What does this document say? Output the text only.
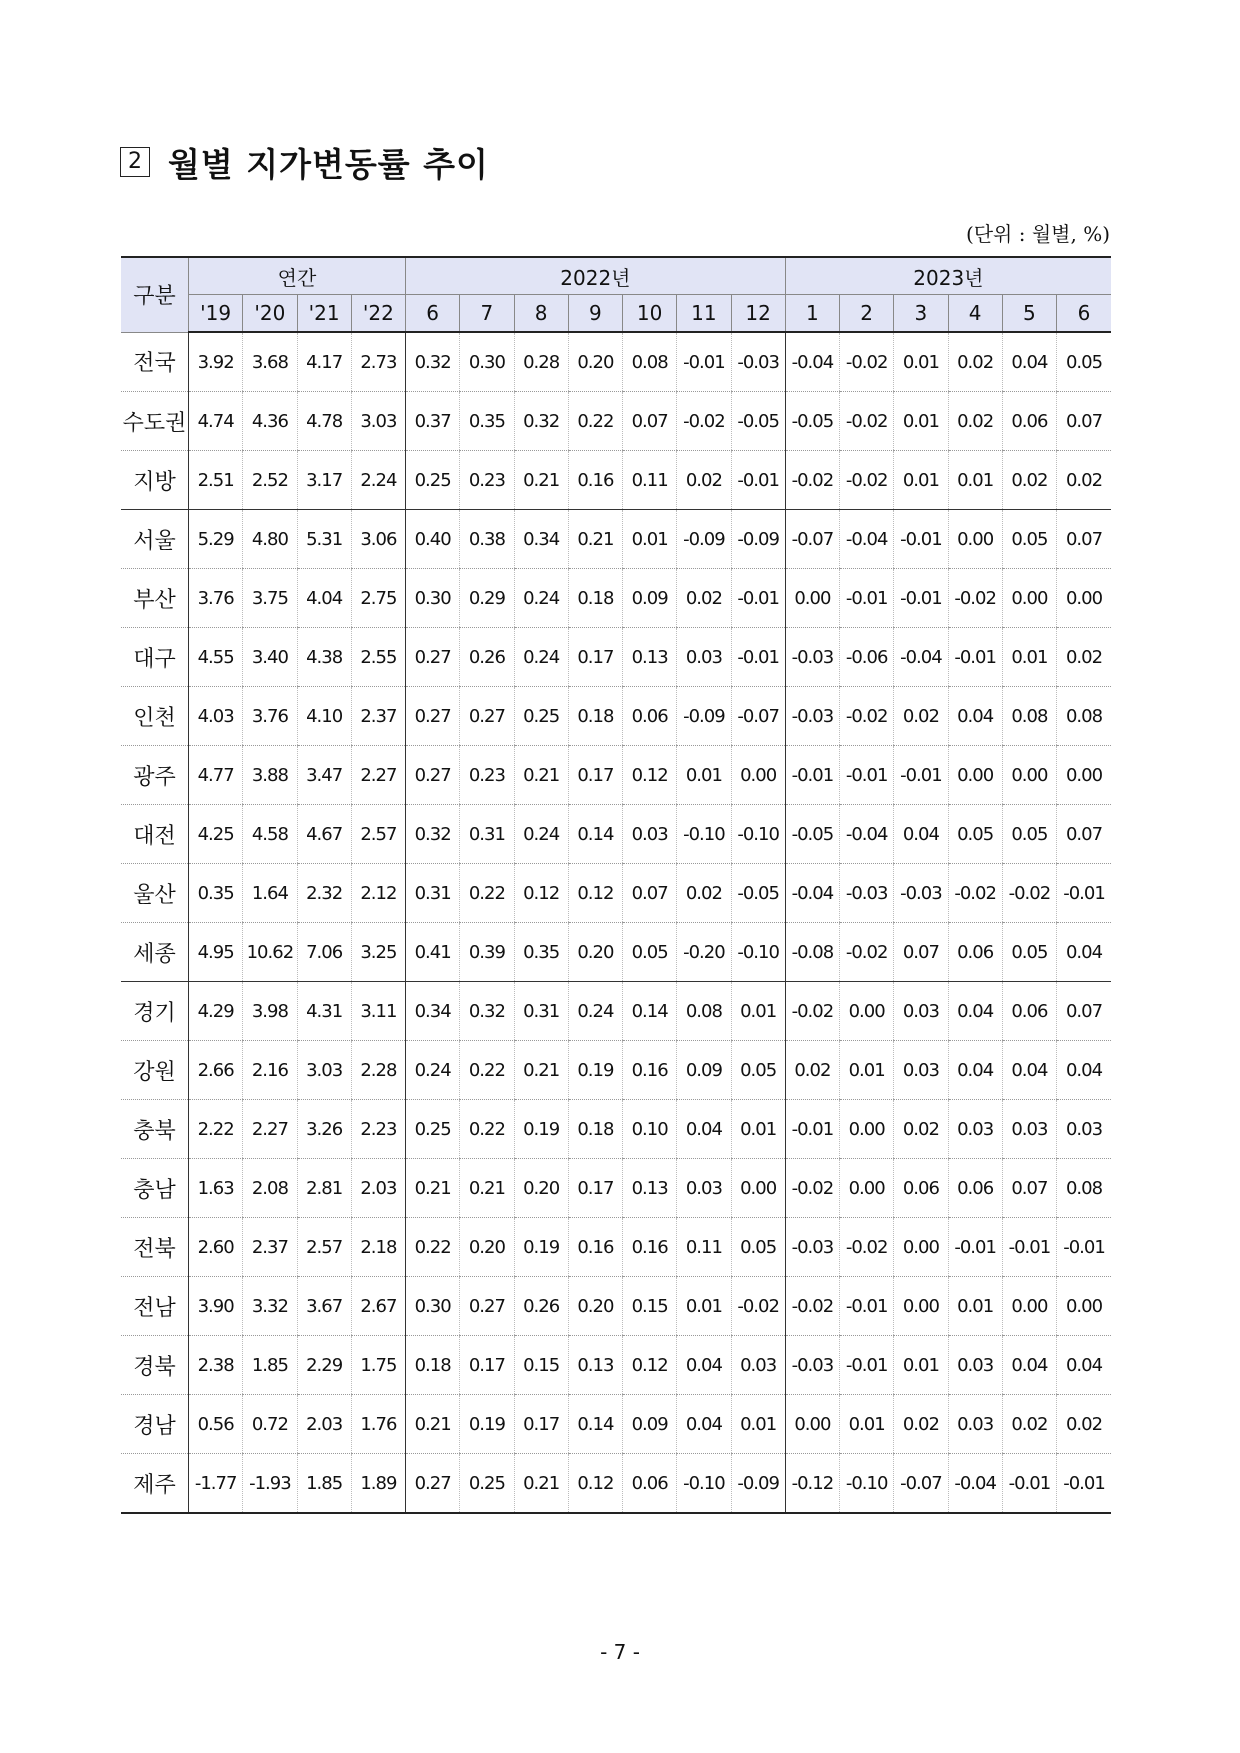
2 월별 지가변동률 추이
(단위 : 월별, %)
구분	연간				2022년							2023년					
	'19	'20	'21	'22	6	7	8	9	10	11	12	1	2	3	4	5	6
전국	3.92	3.68	4.17	2.73	0.32	0.30	0.28	0.20	0.08	-0.01	-0.03	-0.04	-0.02	0.01	0.02	0.04	0.05
수도권	4.74	4.36	4.78	3.03	0.37	0.35	0.32	0.22	0.07	-0.02	-0.05	-0.05	-0.02	0.01	0.02	0.06	0.07
지방	2.51	2.52	3.17	2.24	0.25	0.23	0.21	0.16	0.11	0.02	-0.01	-0.02	-0.02	0.01	0.01	0.02	0.02
서울	5.29	4.80	5.31	3.06	0.40	0.38	0.34	0.21	0.01	-0.09	-0.09	-0.07	-0.04	-0.01	0.00	0.05	0.07
부산	3.76	3.75	4.04	2.75	0.30	0.29	0.24	0.18	0.09	0.02	-0.01	0.00	-0.01	-0.01	-0.02	0.00	0.00
대구	4.55	3.40	4.38	2.55	0.27	0.26	0.24	0.17	0.13	0.03	-0.01	-0.03	-0.06	-0.04	-0.01	0.01	0.02
인천	4.03	3.76	4.10	2.37	0.27	0.27	0.25	0.18	0.06	-0.09	-0.07	-0.03	-0.02	0.02	0.04	0.08	0.08
광주	4.77	3.88	3.47	2.27	0.27	0.23	0.21	0.17	0.12	0.01	0.00	-0.01	-0.01	-0.01	0.00	0.00	0.00
대전	4.25	4.58	4.67	2.57	0.32	0.31	0.24	0.14	0.03	-0.10	-0.10	-0.05	-0.04	0.04	0.05	0.05	0.07
울산	0.35	1.64	2.32	2.12	0.31	0.22	0.12	0.12	0.07	0.02	-0.05	-0.04	-0.03	-0.03	-0.02	-0.02	-0.01
세종	4.95	10.62	7.06	3.25	0.41	0.39	0.35	0.20	0.05	-0.20	-0.10	-0.08	-0.02	0.07	0.06	0.05	0.04
경기	4.29	3.98	4.31	3.11	0.34	0.32	0.31	0.24	0.14	0.08	0.01	-0.02	0.00	0.03	0.04	0.06	0.07
강원	2.66	2.16	3.03	2.28	0.24	0.22	0.21	0.19	0.16	0.09	0.05	0.02	0.01	0.03	0.04	0.04	0.04
충북	2.22	2.27	3.26	2.23	0.25	0.22	0.19	0.18	0.10	0.04	0.01	-0.01	0.00	0.02	0.03	0.03	0.03
충남	1.63	2.08	2.81	2.03	0.21	0.21	0.20	0.17	0.13	0.03	0.00	-0.02	0.00	0.06	0.06	0.07	0.08
전북	2.60	2.37	2.57	2.18	0.22	0.20	0.19	0.16	0.16	0.11	0.05	-0.03	-0.02	0.00	-0.01	-0.01	-0.01
전남	3.90	3.32	3.67	2.67	0.30	0.27	0.26	0.20	0.15	0.01	-0.02	-0.02	-0.01	0.00	0.01	0.00	0.00
경북	2.38	1.85	2.29	1.75	0.18	0.17	0.15	0.13	0.12	0.04	0.03	-0.03	-0.01	0.01	0.03	0.04	0.04
경남	0.56	0.72	2.03	1.76	0.21	0.19	0.17	0.14	0.09	0.04	0.01	0.00	0.01	0.02	0.03	0.02	0.02
제주	-1.77	-1.93	1.85	1.89	0.27	0.25	0.21	0.12	0.06	-0.10	-0.09	-0.12	-0.10	-0.07	-0.04	-0.01	-0.01
- 7 -
